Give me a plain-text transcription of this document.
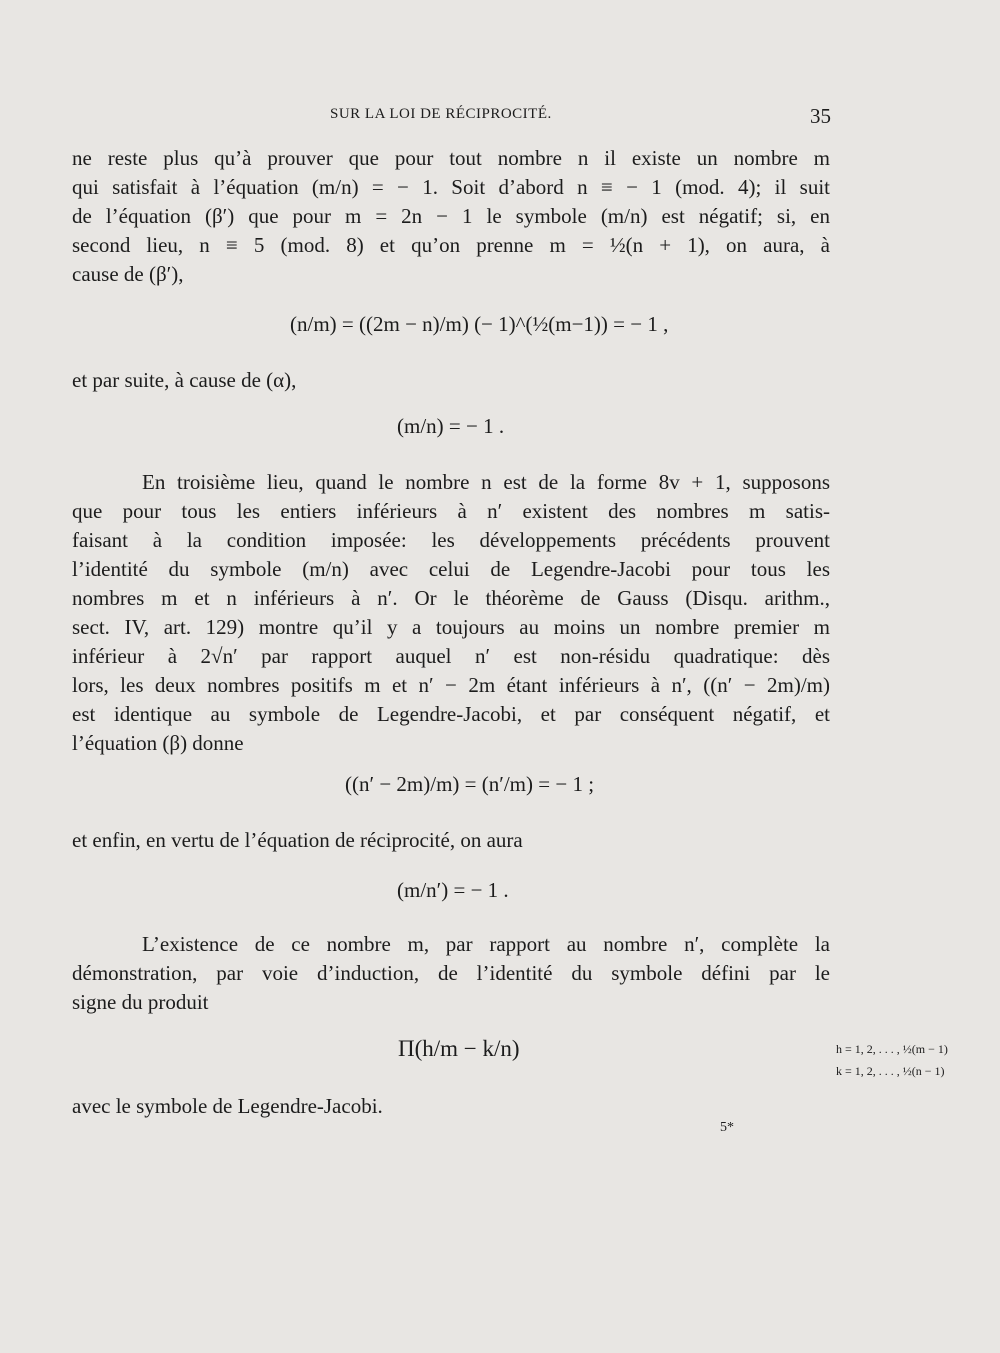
SUR LA LOI DE RÉCIPROCITÉ.	35
ne reste plus qu’à prouver que pour tout nombre n il existe un nombre m
qui satisfait à l’équation (m/n) = − 1. Soit d’abord n ≡ − 1 (mod. 4); il suit
de l’équation (β′) que pour m = 2n − 1 le symbole (m/n) est négatif; si, en
second lieu, n ≡ 5 (mod. 8) et qu’on prenne m = ½(n + 1), on aura, à
cause de (β′),
(n/m) = ((2m − n)/m) (− 1)^(½(m−1)) = − 1 ,
et par suite, à cause de (α),
(m/n) = − 1 .
En troisième lieu, quand le nombre n est de la forme 8v + 1, supposons
que pour tous les entiers inférieurs à n′ existent des nombres m satis-
faisant à la condition imposée: les développements précédents prouvent
l’identité du symbole (m/n) avec celui de Legendre-Jacobi pour tous les
nombres m et n inférieurs à n′. Or le théorème de Gauss (Disqu. arithm.,
sect. IV, art. 129) montre qu’il y a toujours au moins un nombre premier m
inférieur à 2√n′ par rapport auquel n′ est non-résidu quadratique: dès
lors, les deux nombres positifs m et n′ − 2m étant inférieurs à n′, ((n′ − 2m)/m)
est identique au symbole de Legendre-Jacobi, et par conséquent négatif, et
l’équation (β) donne
((n′ − 2m)/m) = (n′/m) = − 1 ;
et enfin, en vertu de l’équation de réciprocité, on aura
(m/n′) = − 1 .
L’existence de ce nombre m, par rapport au nombre n′, complète la
démonstration, par voie d’induction, de l’identité du symbole défini par le
signe du produit
Π(h/m − k/n)	h = 1, 2, . . . , ½(m − 1)
k = 1, 2, . . . , ½(n − 1)
avec le symbole de Legendre-Jacobi.
5*
